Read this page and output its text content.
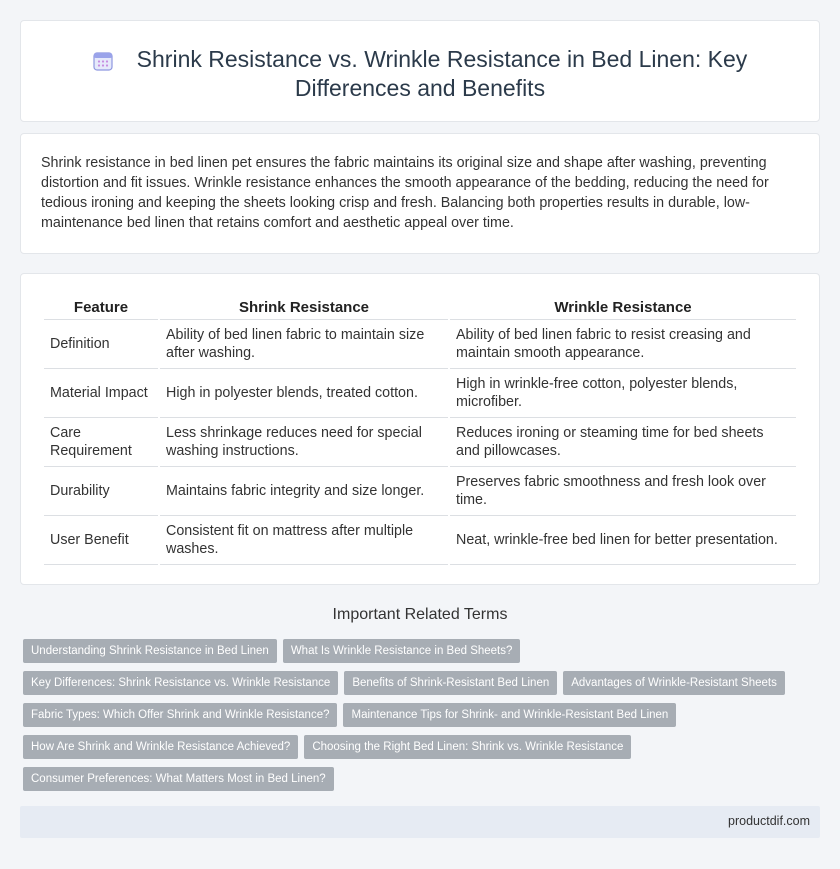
Shrink Resistance vs. Wrinkle Resistance in Bed Linen: Key Differences and Benefits

Shrink resistance in bed linen pet ensures the fabric maintains its original size and shape after washing, preventing distortion and fit issues. Wrinkle resistance enhances the smooth appearance of the bedding, reducing the need for tedious ironing and keeping the sheets looking crisp and fresh. Balancing both properties results in durable, low-maintenance bed linen that retains comfort and aesthetic appeal over time.

Feature	Shrink Resistance	Wrinkle Resistance
Definition	Ability of bed linen fabric to maintain size after washing.	Ability of bed linen fabric to resist creasing and maintain smooth appearance.
Material Impact	High in polyester blends, treated cotton.	High in wrinkle-free cotton, polyester blends, microfiber.
Care Requirement	Less shrinkage reduces need for special washing instructions.	Reduces ironing or steaming time for bed sheets and pillowcases.
Durability	Maintains fabric integrity and size longer.	Preserves fabric smoothness and fresh look over time.
User Benefit	Consistent fit on mattress after multiple washes.	Neat, wrinkle-free bed linen for better presentation.
Important Related Terms
Understanding Shrink Resistance in Bed Linen What Is Wrinkle Resistance in Bed Sheets?
Key Differences: Shrink Resistance vs. Wrinkle Resistance Benefits of Shrink-Resistant Bed Linen Advantages of Wrinkle-Resistant Sheets
Fabric Types: Which Offer Shrink and Wrinkle Resistance? Maintenance Tips for Shrink- and Wrinkle-Resistant Bed Linen
How Are Shrink and Wrinkle Resistance Achieved? Choosing the Right Bed Linen: Shrink vs. Wrinkle Resistance
Consumer Preferences: What Matters Most in Bed Linen?
productdif.com
